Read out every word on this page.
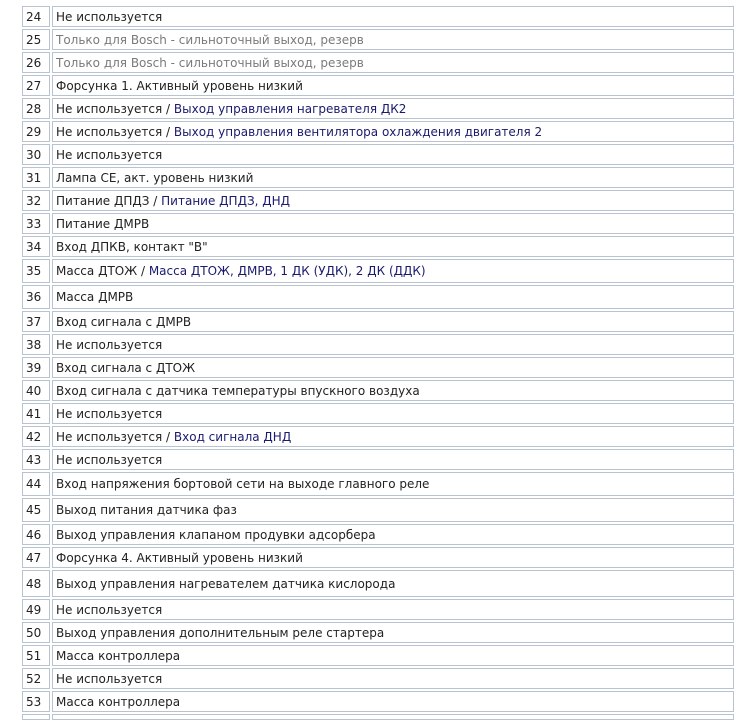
24	Не используется
25	Только для Bosch - сильноточный выход, резерв
26	Только для Bosch - сильноточный выход, резерв
27	Форсунка 1. Активный уровень низкий
28	Не используется / Выход управления нагревателя ДК2
29	Не используется / Выход управления вентилятора охлаждения двигателя 2
30	Не используется
31	Лампа СЕ, акт. уровень низкий
32	Питание ДПДЗ / Питание ДПДЗ, ДНД
33	Питание ДМРВ
34	Вход ДПКВ, контакт "В"
35	Масса ДТОЖ / Масса ДТОЖ, ДМРВ, 1 ДК (УДК), 2 ДК (ДДК)
36	Масса ДМРВ
37	Вход сигнала с ДМРВ
38	Не используется
39	Вход сигнала с ДТОЖ
40	Вход сигнала с датчика температуры впускного воздуха
41	Не используется
42	Не используется / Вход сигнала ДНД
43	Не используется
44	Вход напряжения бортовой сети на выходе главного реле
45	Выход питания датчика фаз
46	Выход управления клапаном продувки адсорбера
47	Форсунка 4. Активный уровень низкий
48	Выход управления нагревателем датчика кислорода
49	Не используется
50	Выход управления дополнительным реле стартера
51	Масса контроллера
52	Не используется
53	Масса контроллера
